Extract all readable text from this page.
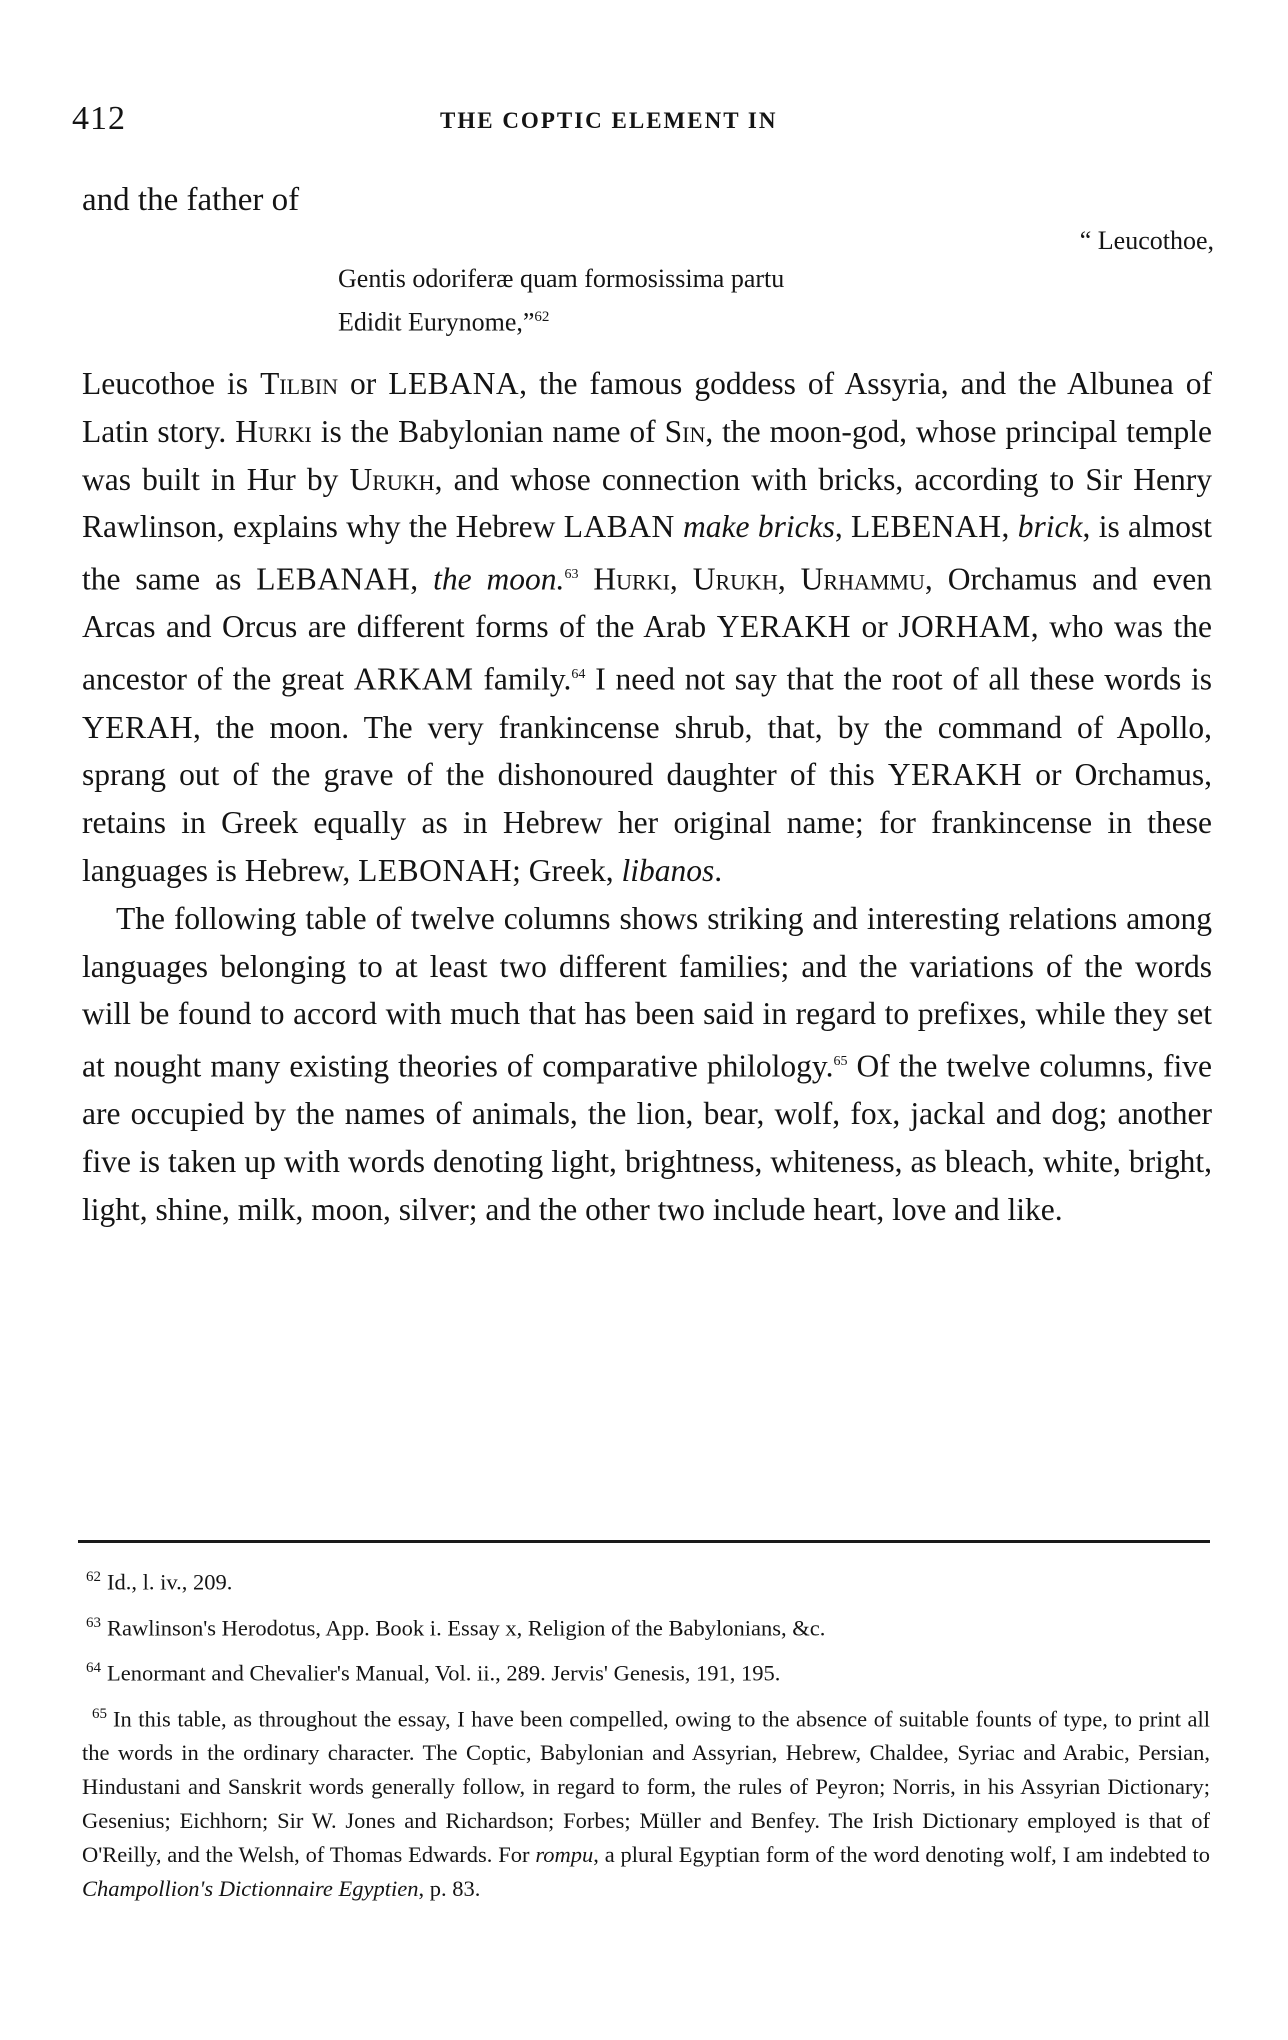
412	THE COPTIC ELEMENT IN
and the father of
“ Leucothoe,
Gentis odoriferæ quam formosissima partu
Edidit Eurynome,”$^{62}$

Leucothoe is Tilbin or LEBANA, the famous goddess of Assyria, and the Albunea of Latin story. Hurki is the Babylonian name of Sin, the moon-god, whose principal temple was built in Hur by Urukh, and whose connection with bricks, according to Sir Henry Rawlinson, explains why the Hebrew LABAN make bricks, LEBENAH, brick, is almost the same as LEBANAH, the moon.$^{63}$ Hurki, Urukh, Urhammu, Orchamus and even Arcas and Orcus are different forms of the Arab YERAKH or JORHAM, who was the ancestor of the great ARKAM family.$^{64}$ I need not say that the root of all these words is YERAH, the moon. The very frankincense shrub, that, by the command of Apollo, sprang out of the grave of the dishonoured daughter of this YERAKH or Orchamus, retains in Greek equally as in Hebrew her original name; for frankincense in these languages is Hebrew, LEBONAH; Greek, libanos.

The following table of twelve columns shows striking and interesting relations among languages belonging to at least two different families; and the variations of the words will be found to accord with much that has been said in regard to prefixes, while they set at nought many existing theories of comparative philology.$^{65}$ Of the twelve columns, five are occupied by the names of animals, the lion, bear, wolf, fox, jackal and dog; another five is taken up with words denoting light, brightness, whiteness, as bleach, white, bright, light, shine, milk, moon, silver; and the other two include heart, love and like.

$^{62}$ Id., l. iv., 209.
$^{63}$ Rawlinson's Herodotus, App. Book i. Essay x, Religion of the Babylonians, &c.
$^{64}$ Lenormant and Chevalier's Manual, Vol. ii., 289. Jervis' Genesis, 191, 195.
$^{65}$ In this table, as throughout the essay, I have been compelled, owing to the absence of suitable founts of type, to print all the words in the ordinary character. The Coptic, Babylonian and Assyrian, Hebrew, Chaldee, Syriac and Arabic, Persian, Hindustani and Sanskrit words generally follow, in regard to form, the rules of Peyron; Norris, in his Assyrian Dictionary; Gesenius; Eichhorn; Sir W. Jones and Richardson; Forbes; Müller and Benfey. The Irish Dictionary employed is that of O'Reilly, and the Welsh, of Thomas Edwards. For rompu, a plural Egyptian form of the word denoting wolf, I am indebted to Champollion's Dictionnaire Egyptien, p. 83.
